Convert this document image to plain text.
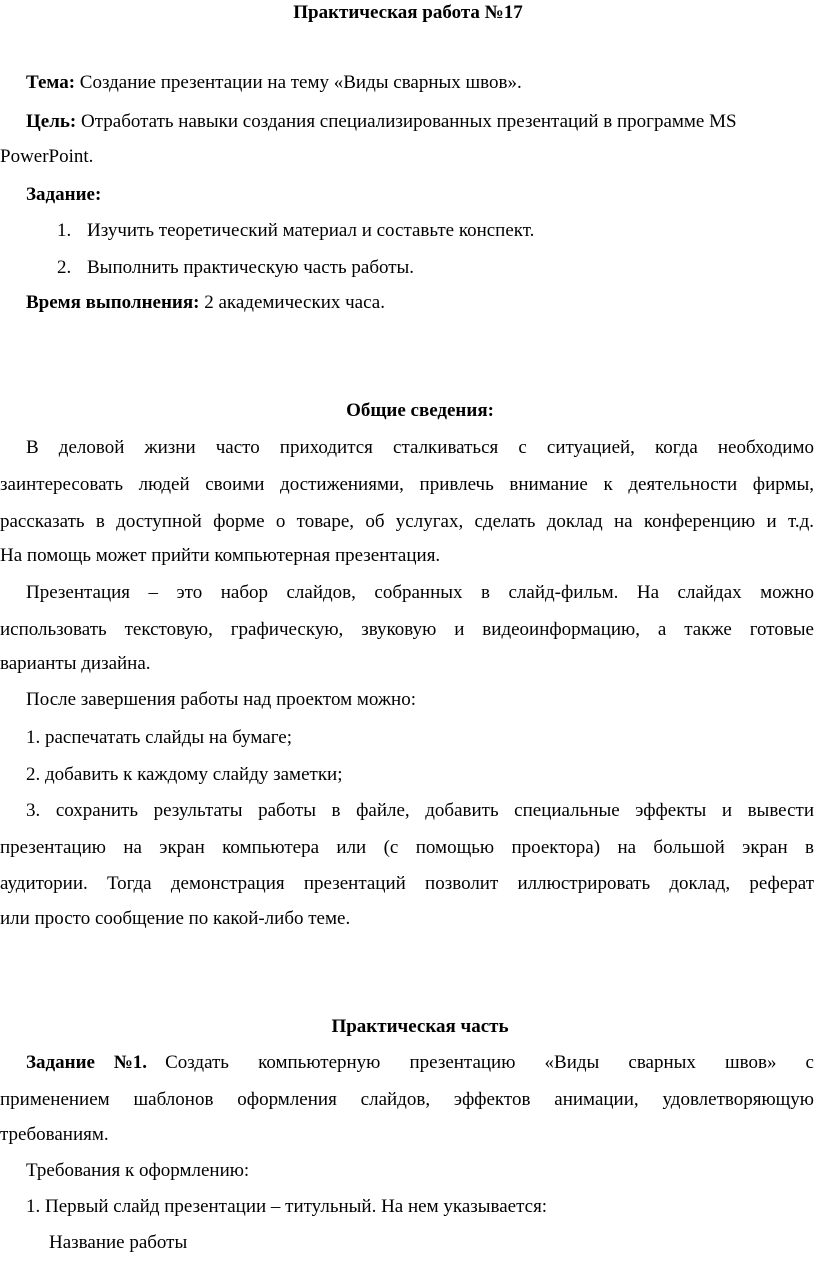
Практическая работа №17
Тема: Создание презентации на тему «Виды сварных швов».
Цель: Отработать навыки создания специализированных презентаций в программе MS
PowerPoint.
Задание:
1. Изучить теоретический материал и составьте конспект.
2. Выполнить практическую часть работы.
Время выполнения: 2 академических часа.
Общие сведения:
В деловой жизни часто приходится сталкиваться с ситуацией, когда необходимо
заинтересовать людей своими достижениями, привлечь внимание к деятельности фирмы,
рассказать в доступной форме о товаре, об услугах, сделать доклад на конференцию и т.д.
На помощь может прийти компьютерная презентация.
Презентация – это набор слайдов, собранных в слайд-фильм. На слайдах можно
использовать текстовую, графическую, звуковую и видеоинформацию, а также готовые
варианты дизайна.
После завершения работы над проектом можно:
1. распечатать слайды на бумаге;
2. добавить к каждому слайду заметки;
3. сохранить результаты работы в файле, добавить специальные эффекты и вывести
презентацию на экран компьютера или (с помощью проектора) на большой экран в
аудитории. Тогда демонстрация презентаций позволит иллюстрировать доклад, реферат
или просто сообщение по какой-либо теме.
Практическая часть
Задание №1. Создать компьютерную презентацию «Виды сварных швов» с
применением шаблонов оформления слайдов, эффектов анимации, удовлетворяющую
требованиям.
Требования к оформлению:
1. Первый слайд презентации – титульный. На нем указывается:
Название работы
